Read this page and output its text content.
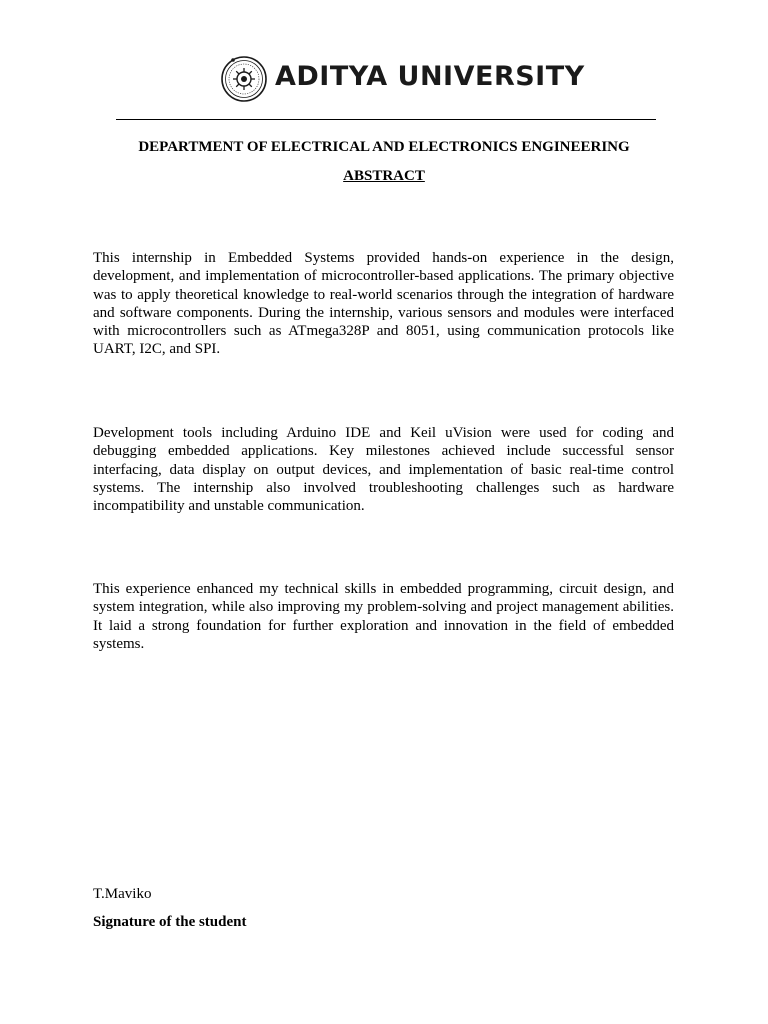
ADITYA UNIVERSITY
DEPARTMENT OF ELECTRICAL AND ELECTRONICS ENGINEERING
ABSTRACT

This internship in Embedded Systems provided hands-on experience in the design, development, and implementation of microcontroller-based applications. The primary objective was to apply theoretical knowledge to real-world scenarios through the integration of hardware and software components. During the internship, various sensors and modules were interfaced with microcontrollers such as ATmega328P and 8051, using communication protocols like UART, I2C, and SPI.

Development tools including Arduino IDE and Keil uVision were used for coding and debugging embedded applications. Key milestones achieved include successful sensor interfacing, data display on output devices, and implementation of basic real-time control systems. The internship also involved troubleshooting challenges such as hardware incompatibility and unstable communication.

This experience enhanced my technical skills in embedded programming, circuit design, and system integration, while also improving my problem-solving and project management abilities. It laid a strong foundation for further exploration and innovation in the field of embedded systems.

T.Maviko
Signature of the student
